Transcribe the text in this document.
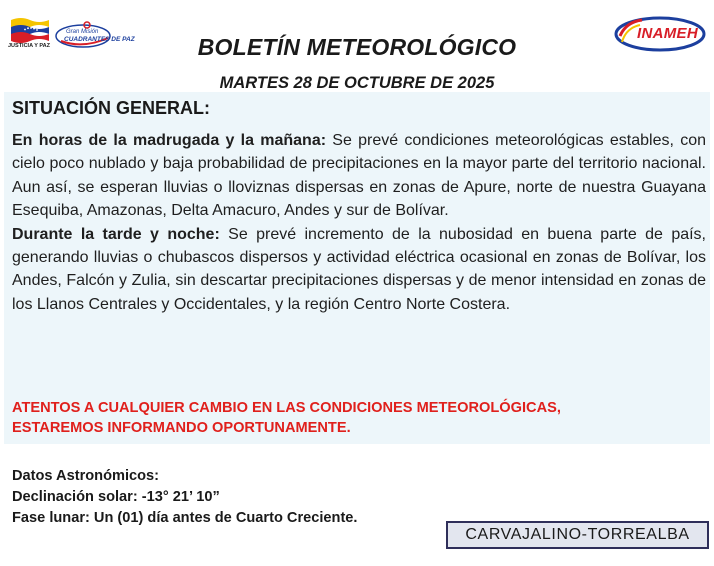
JUSTICIA Y PAZ
Gran Misión
CUADRANTES DE PAZ	INAMEH
BOLETÍN METEOROLÓGICO
MARTES 28 DE OCTUBRE DE 2025
SITUACIÓN GENERAL:

En horas de la madrugada y la mañana: Se prevé condiciones meteorológicas estables, con cielo poco nublado y baja probabilidad de precipitaciones en la mayor parte del territorio nacional. Aun así, se esperan lluvias o lloviznas dispersas en zonas de Apure, norte de nuestra Guayana Esequiba, Amazonas, Delta Amacuro, Andes y sur de Bolívar.

Durante la tarde y noche: Se prevé incremento de la nubosidad en buena parte de país, generando lluvias o chubascos dispersos y actividad eléctrica ocasional en zonas de Bolívar, los Andes, Falcón y Zulia, sin descartar precipitaciones dispersas y de menor intensidad en zonas de los Llanos Centrales y Occidentales, y la región Centro Norte Costera.

ATENTOS A CUALQUIER CAMBIO EN LAS CONDICIONES METEOROLÓGICAS,
ESTAREMOS INFORMANDO OPORTUNAMENTE.
Datos Astronómicos:
Declinación solar: -13° 21’ 10”
Fase lunar: Un (01) día antes de Cuarto Creciente.
CARVAJALINO-TORREALBA
